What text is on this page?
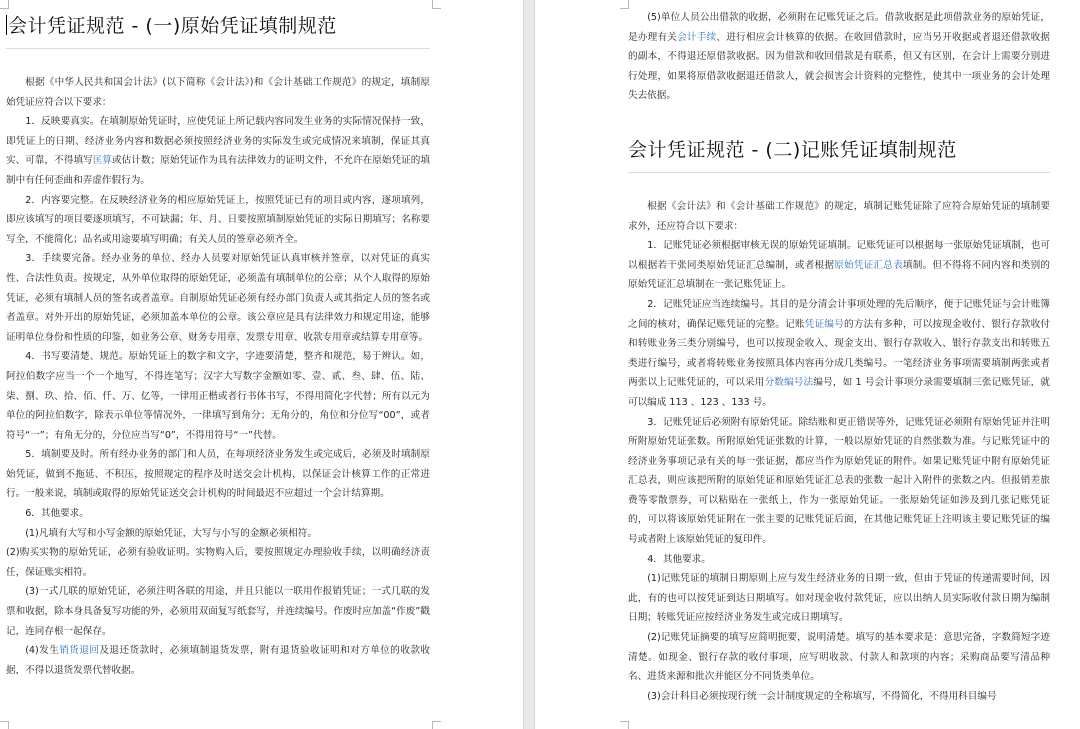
会计凭证规范 - (一)原始凭证填制规范

根据《中华人民共和国会计法》(以下简称《会计法》)和《会计基础工作规范》的规定，填制原始凭证应符合以下要求：

1．反映要真实。在填制原始凭证时，应使凭证上所记载内容同发生业务的实际情况保持一致，即凭证上的日期、经济业务内容和数据必须按照经济业务的实际发生或完成情况来填制，保证其真实、可靠，不得填写匡算或估计数；原始凭证作为具有法律效力的证明文件，不允许在原始凭证的填制中有任何歪曲和弄虚作假行为。

2．内容要完整。在反映经济业务的相应原始凭证上，按照凭证已有的项目或内容，逐项填列，即应该填写的项目要逐项填写，不可缺漏；年、月、日要按照填制原始凭证的实际日期填写；名称要写全，不能简化；品名或用途要填写明确；有关人员的签章必须齐全。

3．手续要完备。经办业务的单位、经办人员要对原始凭证认真审核并签章，以对凭证的真实性、合法性负责。按规定，从外单位取得的原始凭证，必须盖有填制单位的公章；从个人取得的原始凭证，必须有填制人员的签名或者盖章。自制原始凭证必须有经办部门负责人或其指定人员的签名或者盖章。对外开出的原始凭证，必须加盖本单位的公章。该公章应是具有法律效力和规定用途，能够证明单位身份和性质的印鉴，如业务公章、财务专用章、发票专用章、收款专用章或结算专用章等。

4．书写要清楚、规范。原始凭证上的数字和文字，字迹要清楚，整齐和规范，易于辨认。如，阿拉伯数字应当一个一个地写，不得连笔写；汉字大写数字金额如零、壹、贰、叁、肆、伍、陆、柒、捌、玖、拾、佰、仟、万、亿等，一律用正楷或者行书体书写，不得用简化字代替；所有以元为单位的阿拉伯数字，除表示单位等情况外，一律填写到角分；无角分的，角位和分位写“00”，或者符号“一”；有角无分的，分位应当写“0”，不得用符号“一”代替。

5．填制要及时。所有经办业务的部门和人员，在每项经济业务发生或完成后，必须及时填制原始凭证，做到不拖延、不积压，按照规定的程序及时送交会计机构，以保证会计核算工作的正常进行。一般来说，填制或取得的原始凭证送交会计机构的时间最迟不应超过一个会计结算期。

6．其他要求。

(1)凡填有大写和小写金额的原始凭证，大写与小写的金额必须相符。

(2)购买实物的原始凭证，必须有验收证明。实物购入后，要按照规定办理验收手续，以明确经济责任，保证账实相符。

(3)一式几联的原始凭证，必须注明各联的用途，并且只能以一联用作报销凭证；一式几联的发票和收据，除本身具备复写功能的外，必须用双面复写纸套写，并连续编号。作废时应加盖“作废”戳记，连同存根一起保存。

(4)发生销货退回及退还货款时，必须填制退货发票，附有退货验收证明和对方单位的收款收据，不得以退货发票代替收据。

(5)单位人员公出借款的收据，必须附在记账凭证之后。借款收据是此项借款业务的原始凭证，是办理有关会计手续、进行相应会计核算的依据。在收回借款时，应当另开收据或者退还借款收据的副本，不得退还原借款收据。因为借款和收回借款是有联系，但又有区别，在会计上需要分别进行处理，如果将原借款收据退还借款人，就会损害会计资料的完整性，使其中一项业务的会计处理失去依据。

会计凭证规范 - (二)记账凭证填制规范

根据《会计法》和《会计基础工作规范》的规定，填制记账凭证除了应符合原始凭证的填制要求外，还应符合以下要求：

1．记账凭证必须根据审核无误的原始凭证填制。记账凭证可以根据每一张原始凭证填制，也可以根据若干张同类原始凭证汇总编制，或者根据原始凭证汇总表填制。但不得将不同内容和类别的原始凭证汇总填制在一张记账凭证上。

2．记账凭证应当连续编号。其目的是分清会计事项处理的先后顺序，便于记账凭证与会计账簿之间的核对，确保记账凭证的完整。记账凭证编号的方法有多种，可以按现金收付、银行存款收付和转账业务三类分别编号，也可以按现金收入、现金支出、银行存款收入、银行存款支出和转账五类进行编号，或者将转账业务按照具体内容再分成几类编号。一笔经济业务事项需要填制两张或者两张以上记账凭证的，可以采用分数编号法编号，如 1 号会计事项分录需要填制三张记账凭证，就可以编成 113 、123 、133 号。

3．记账凭证后必须附有原始凭证。除结账和更正错误等外，记账凭证必须附有原始凭证并注明所附原始凭证张数。所附原始凭证张数的计算，一般以原始凭证的自然张数为准。与记账凭证中的经济业务事项记录有关的每一张证据，都应当作为原始凭证的附件。如果记账凭证中附有原始凭证汇总表，则应该把所附的原始凭证和原始凭证汇总表的张数一起计入附件的张数之内。但报销差旅费等零散票券，可以粘贴在一张纸上，作为一张原始凭证。一张原始凭证如涉及到几张记账凭证的，可以将该原始凭证附在一张主要的记账凭证后面，在其他记账凭证上注明该主要记账凭证的编号或者附上该原始凭证的复印件。

4．其他要求。

(1)记账凭证的填制日期原则上应与发生经济业务的日期一致，但由于凭证的传递需要时间，因此，有的也可以按凭证到达日期填写。如对现金收付款凭证，应以出纳人员实际收付款日期为编制日期；转账凭证应按经济业务发生或完成日期填写。

(2)记账凭证摘要的填写应简明扼要，说明清楚。填写的基本要求是：意思完备，字数简短字迹清楚。如现金、银行存款的收付事项，应写明收款、付款人和款项的内容；采购商品要写清品种名、进货来源和批次并能区分不同货类单位。

(3)会计科目必须按现行统一会计制度规定的全称填写，不得简化，不得用科目编号
